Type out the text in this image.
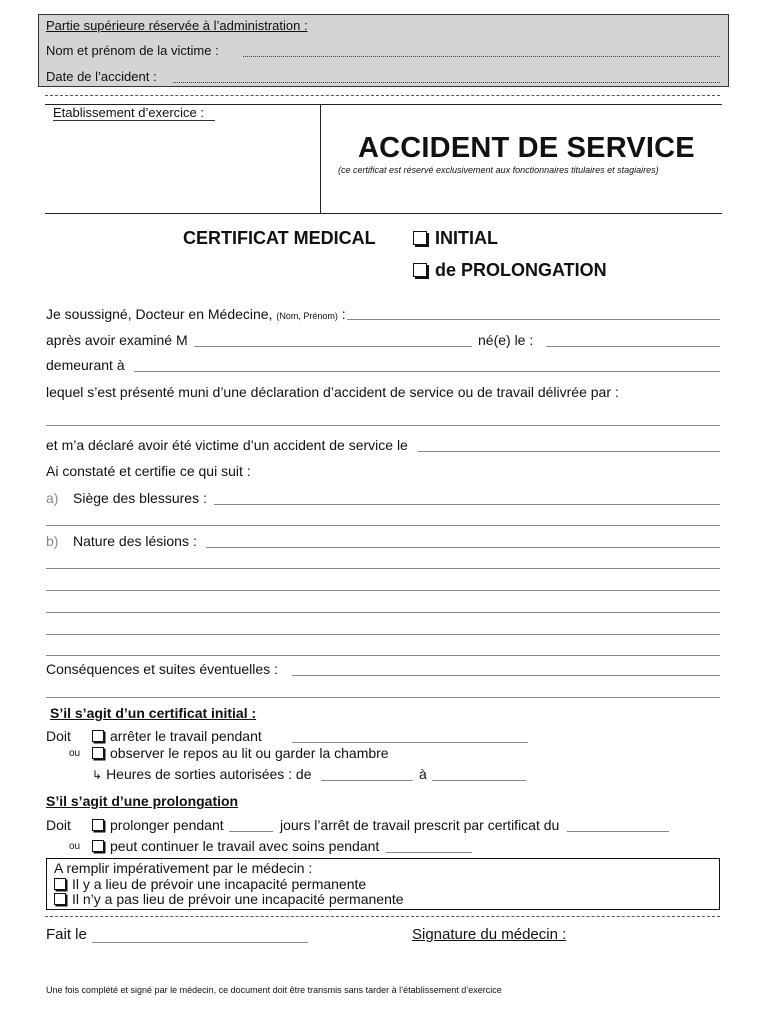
Partie supérieure réservée à l’administration :
Nom et prénom de la victime :
Date de l’accident :
Etablissement d’exercice :
ACCIDENT DE SERVICE
(ce certificat est réservé exclusivement aux fonctionnaires titulaires et stagiaires)
CERTIFICAT MEDICAL	INITIAL
de PROLONGATION
Je soussigné, Docteur en Médecine, (Nom, Prénom) :
après avoir examiné M	né(e) le :
demeurant à
lequel s’est présenté muni d’une déclaration d’accident de service ou de travail délivrée par :
et m’a déclaré avoir été victime d’un accident de service le
Ai constaté et certifie ce qui suit :
a) Siège des blessures :
b) Nature des lésions :
Conséquences et suites éventuelles :
S’il s’agit d’un certificat initial :
Doit	arrêter le travail pendant
ou	observer le repos au lit ou garder la chambre
↳ Heures de sorties autorisées : de	à
S’il s’agit d’une prolongation
Doit	prolonger pendant	jours l’arrêt de travail prescrit par certificat du
ou	peut continuer le travail avec soins pendant
A remplir impérativement par le médecin :
Il y a lieu de prévoir une incapacité permanente
Il n’y a pas lieu de prévoir une incapacité permanente
Fait le	Signature du médecin :
Une fois complété et signé par le médecin, ce document doit être transmis sans tarder à l’établissement d’exercice
